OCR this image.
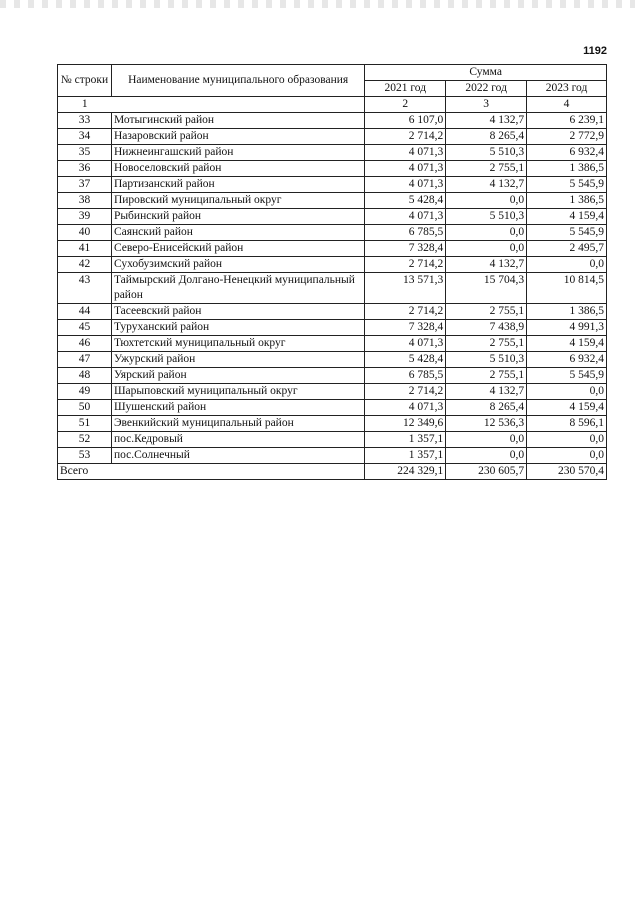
1192
№ строки	Наименование муниципального образования	Сумма		
		2021 год	2022 год	2023 год
1		2	3	4
33	Мотыгинский район	6 107,0	4 132,7	6 239,1
34	Назаровский район	2 714,2	8 265,4	2 772,9
35	Нижнеингашский район	4 071,3	5 510,3	6 932,4
36	Новоселовский район	4 071,3	2 755,1	1 386,5
37	Партизанский район	4 071,3	4 132,7	5 545,9
38	Пировский муниципальный округ	5 428,4	0,0	1 386,5
39	Рыбинский район	4 071,3	5 510,3	4 159,4
40	Саянский район	6 785,5	0,0	5 545,9
41	Северо-Енисейский район	7 328,4	0,0	2 495,7
42	Сухобузимский район	2 714,2	4 132,7	0,0
43	Таймырский Долгано-Ненецкий муниципальный район	13 571,3	15 704,3	10 814,5
44	Тасеевский район	2 714,2	2 755,1	1 386,5
45	Туруханский район	7 328,4	7 438,9	4 991,3
46	Тюхтетский муниципальный округ	4 071,3	2 755,1	4 159,4
47	Ужурский район	5 428,4	5 510,3	6 932,4
48	Уярский район	6 785,5	2 755,1	5 545,9
49	Шарыповский муниципальный округ	2 714,2	4 132,7	0,0
50	Шушенский район	4 071,3	8 265,4	4 159,4
51	Эвенкийский муниципальный район	12 349,6	12 536,3	8 596,1
52	пос.Кедровый	1 357,1	0,0	0,0
53	пос.Солнечный	1 357,1	0,0	0,0
Всего		224 329,1	230 605,7	230 570,4
